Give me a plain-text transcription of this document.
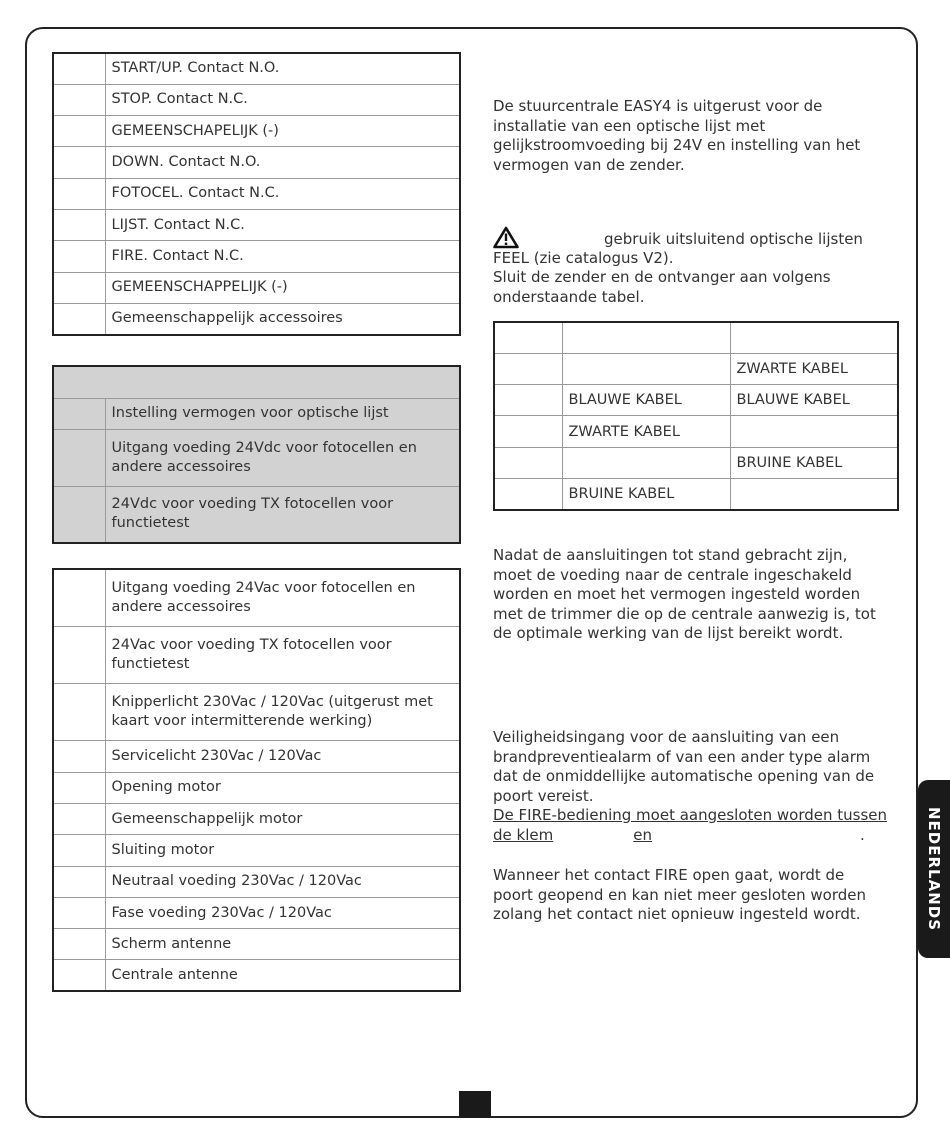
	START/UP. Contact N.O.
	STOP. Contact N.C.
	GEMEENSCHAPELIJK (-)
	DOWN. Contact N.O.
	FOTOCEL. Contact N.C.
	LIJST. Contact N.C.
	FIRE. Contact N.C.
	GEMEENSCHAPPELIJK (-)
	Gemeenschappelijk accessoires

	Instelling vermogen voor optische lijst
	Uitgang voeding 24Vdc voor fotocellen en andere accessoires
	24Vdc voor voeding TX fotocellen voor functietest
	Uitgang voeding 24Vac voor fotocellen en andere accessoires
	24Vac voor voeding TX fotocellen voor functietest
	Knipperlicht 230Vac / 120Vac (uitgerust met kaart voor intermitterende werking)
	Servicelicht 230Vac / 120Vac
	Opening motor
	Gemeenschappelijk motor
	Sluiting motor
	Neutraal voeding 230Vac / 120Vac
	Fase voeding 230Vac / 120Vac
	Scherm antenne
	Centrale antenne

De stuurcentrale EASY4 is uitgerust voor de installatie van een optische lijst met gelijkstroomvoeding bij 24V en instelling van het vermogen van de zender.

gebruik uitsluitend optische lijsten

FEEL (zie catalogus V2).

Sluit de zender en de ontvanger aan volgens onderstaande tabel.

		ZWARTE KABEL
	BLAUWE KABEL	BLAUWE KABEL
	ZWARTE KABEL	
		BRUINE KABEL
	BRUINE KABEL	

Nadat de aansluitingen tot stand gebracht zijn, moet de voeding naar de centrale ingeschakeld worden en moet het vermogen ingesteld worden met de trimmer die op de centrale aanwezig is, tot de optimale werking van de lijst bereikt wordt.

Veiligheidsingang voor de aansluiting van een brandpreventiealarm of van een ander type alarm dat de onmiddellijke automatische opening van de poort vereist.

De FIRE-bediening moet aangesloten worden tussen

de klem	en	.

Wanneer het contact FIRE open gaat, wordt de poort geopend en kan niet meer gesloten worden zolang het contact niet opnieuw ingesteld wordt.	NEDERLANDS
